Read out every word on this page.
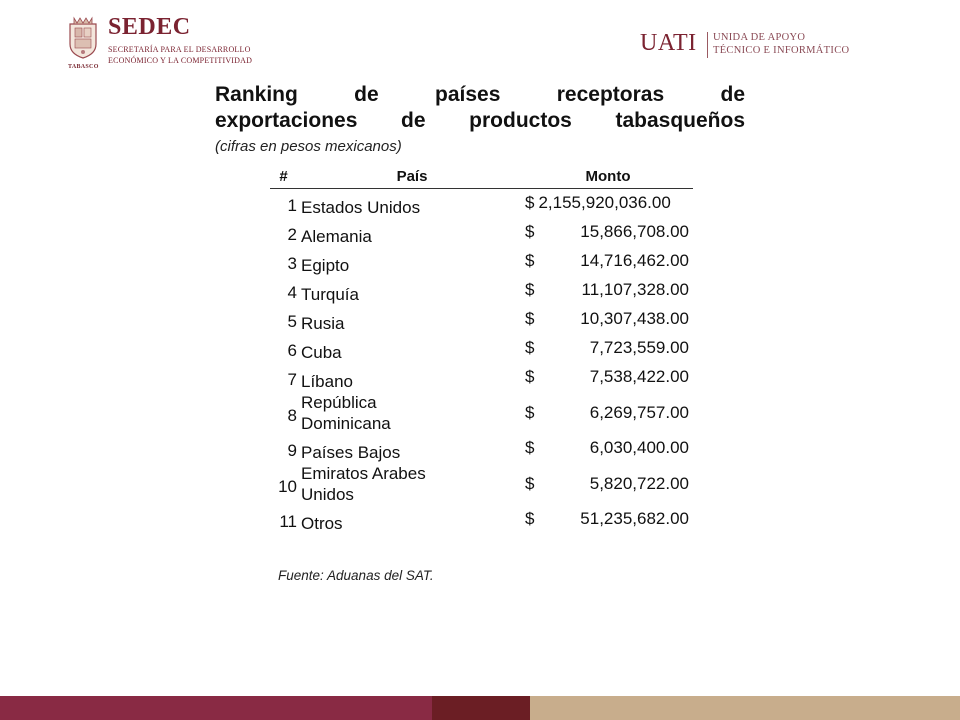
TABASCO
SEDEC
SECRETARÍA PARA EL DESARROLLO
ECONÓMICO Y LA COMPETITIVIDAD
UATI UNIDA DE APOYO
TÉCNICO E INFORMÁTICO
Ranking de países receptoras de
exportaciones de productos tabasqueños
(cifras en pesos mexicanos)
#	País	Monto
1	Estados Unidos	$ 2,155,920,036.00

2	Alemania	$ 15,866,708.00

3	Egipto	$ 14,716,462.00

4	Turquía	$ 11,107,328.00

5	Rusia	$ 10,307,438.00

6	Cuba	$ 7,723,559.00

7	Líbano	$ 7,538,422.00

8	República Dominicana	$ 6,269,757.00

9	Países Bajos	$ 6,030,400.00

10	Emiratos Arabes Unidos	$ 5,820,722.00

11	Otros	$ 51,235,682.00
Fuente: Aduanas del SAT.
